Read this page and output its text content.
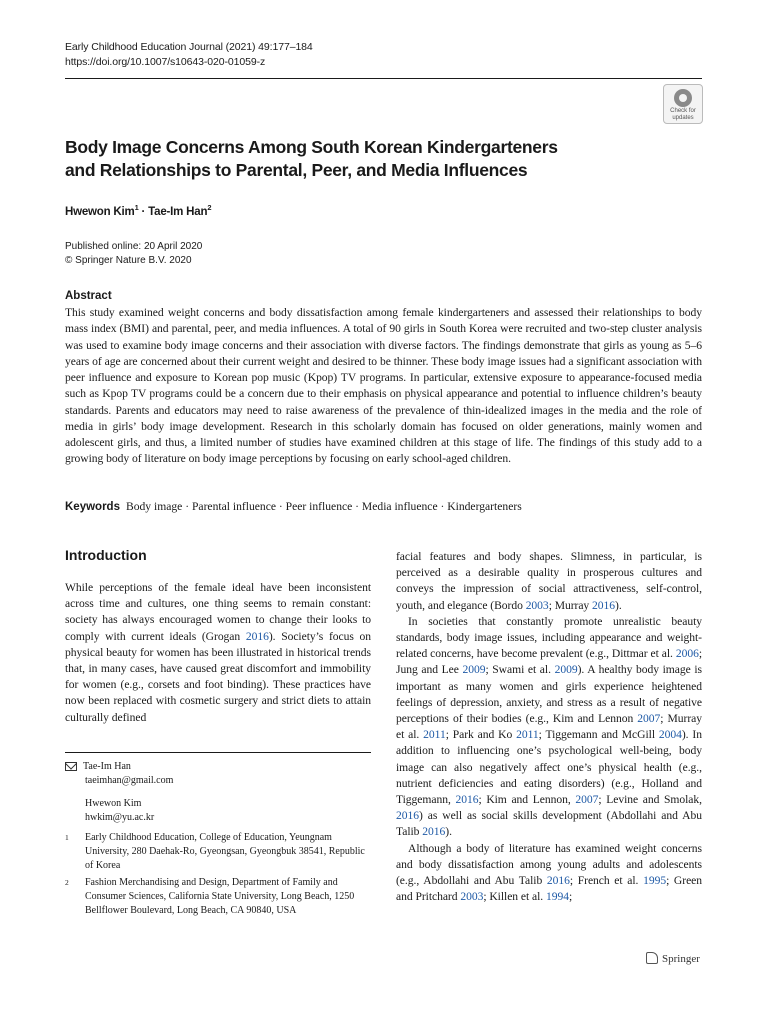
Early Childhood Education Journal (2021) 49:177–184
https://doi.org/10.1007/s10643-020-01059-z
Check for
updates
Body Image Concerns Among South Korean Kindergarteners
and Relationships to Parental, Peer, and Media Influences
Hwewon Kim$^1$ · Tae-Im Han$^2$
Published online: 20 April 2020
© Springer Nature B.V. 2020
Abstract
This study examined weight concerns and body dissatisfaction among female kindergarteners and assessed their relationships to body mass index (BMI) and parental, peer, and media influences. A total of 90 girls in South Korea were recruited and two-step cluster analysis was used to examine body image concerns and their association with diverse factors. The findings demonstrate that girls as young as 5–6 years of age are concerned about their current weight and desired to be thinner. These body image issues had a significant association with peer influence and exposure to Korean pop music (Kpop) TV programs. In particular, extensive exposure to appearance-focused media such as Kpop TV programs could be a concern due to their emphasis on physical appearance and potential to influence children’s beauty standards. Parents and educators may need to raise awareness of the prevalence of thin-idealized images in the media and the role of media in girls’ body image development. Research in this scholarly domain has focused on older generations, mainly women and adolescent girls, and thus, a limited number of studies have examined children at this stage of life. The findings of this study add to a growing body of literature on body image perceptions by focusing on early school-aged children.
Keywords Body image · Parental influence · Peer influence · Media influence · Kindergarteners
Introduction

While perceptions of the female ideal have been inconsistent across time and cultures, one thing seems to remain constant: society has always encouraged women to change their looks to comply with current ideals (Grogan 2016). Society’s focus on physical beauty for women has been illustrated in historical trends that, in many cases, have caused great discomfort and immobility for women (e.g., corsets and foot binding). These practices have now been replaced with cosmetic surgery and strict diets to attain culturally defined

Tae-Im Han
taeimhan@gmail.com
Hwewon Kim
hwkim@yu.ac.kr
1	Early Childhood Education, College of Education, Yeungnam University, 280 Daehak-Ro, Gyeongsan, Gyeongbuk 38541, Republic of Korea
2	Fashion Merchandising and Design, Department of Family and Consumer Sciences, California State University, Long Beach, 1250 Bellflower Boulevard, Long Beach, CA 90840, USA

facial features and body shapes. Slimness, in particular, is perceived as a desirable quality in prosperous cultures and conveys the impression of social attractiveness, self-control, youth, and elegance (Bordo 2003; Murray 2016).

In societies that constantly promote unrealistic beauty standards, body image issues, including appearance and weight-related concerns, have become prevalent (e.g., Dittmar et al. 2006; Jung and Lee 2009; Swami et al. 2009). A healthy body image is important as many women and girls experience heightened feelings of depression, anxiety, and stress as a result of negative perceptions of their bodies (e.g., Kim and Lennon 2007; Murray et al. 2011; Park and Ko 2011; Tiggemann and McGill 2004). In addition to influencing one’s psychological well-being, body image can also negatively affect one’s physical health (e.g., nutrient deficiencies and eating disorders) (e.g., Holland and Tiggemann, 2016; Kim and Lennon, 2007; Levine and Smolak, 2016) as well as social skills development (Abdollahi and Abu Talib 2016).

Although a body of literature has examined weight concerns and body dissatisfaction among young adults and adolescents (e.g., Abdollahi and Abu Talib 2016; French et al. 1995; Green and Pritchard 2003; Killen et al. 1994;

Springer
